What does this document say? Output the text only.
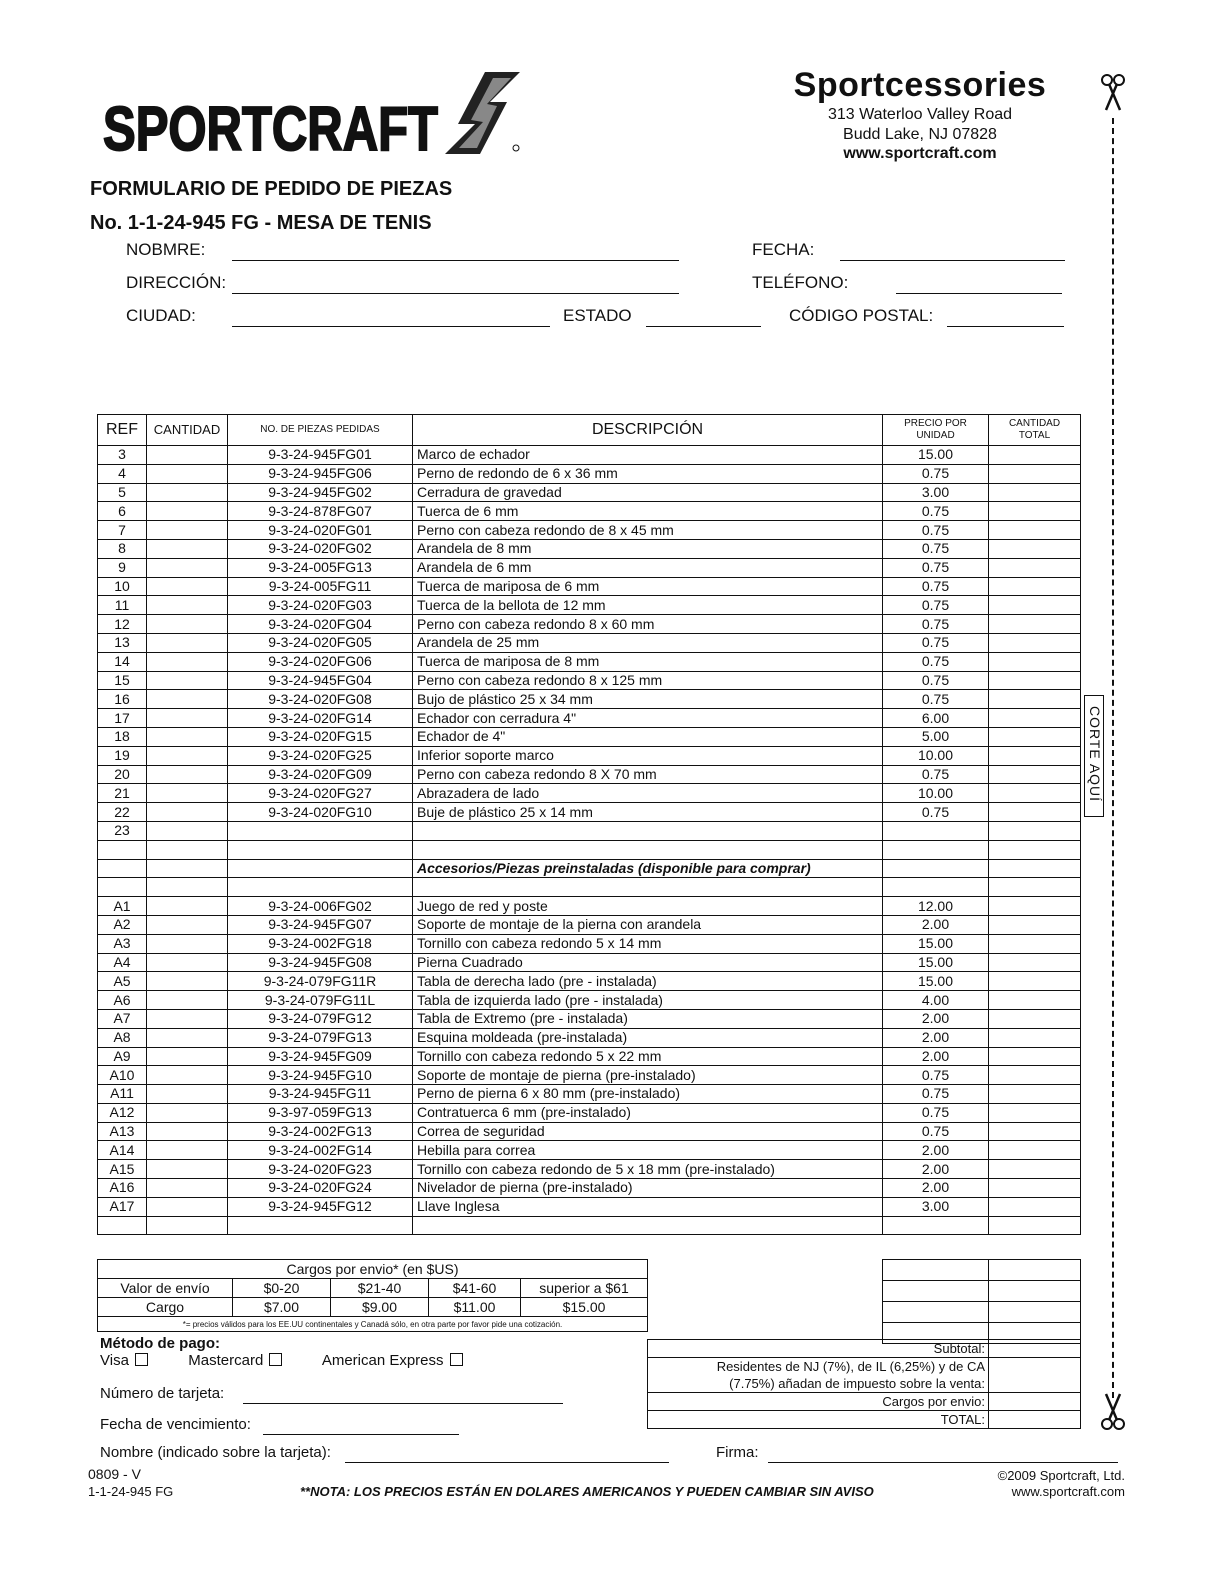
SPORTCRAFT
Sportcessories
313 Waterloo Valley Road
Budd Lake, NJ 07828
www.sportcraft.com
CORTE AQUÍ
FORMULARIO DE PEDIDO DE PIEZAS
No. 1-1-24-945 FG - MESA DE TENIS
NOBMRE:	FECHA:
DIRECCIÓN:	TELÉFONO:
CIUDAD:	ESTADO	CÓDIGO POSTAL:
REF	CANTIDAD	NO. DE PIEZAS PEDIDAS	DESCRIPCIÓN	PRECIO POR UNIDAD	CANTIDAD TOTAL
3		9-3-24-945FG01	Marco de echador	15.00	
4		9-3-24-945FG06	Perno de redondo de 6 x 36 mm	0.75	
5		9-3-24-945FG02	Cerradura de gravedad	3.00	
6		9-3-24-878FG07	Tuerca de 6 mm	0.75	
7		9-3-24-020FG01	Perno con cabeza redondo de 8 x 45 mm	0.75	
8		9-3-24-020FG02	Arandela de 8 mm	0.75	
9		9-3-24-005FG13	Arandela de 6 mm	0.75	
10		9-3-24-005FG11	Tuerca de mariposa de 6 mm	0.75	
11		9-3-24-020FG03	Tuerca de la bellota de 12 mm	0.75	
12		9-3-24-020FG04	Perno con cabeza redondo 8 x 60 mm	0.75	
13		9-3-24-020FG05	Arandela de 25 mm	0.75	
14		9-3-24-020FG06	Tuerca de mariposa de 8 mm	0.75	
15		9-3-24-945FG04	Perno con cabeza redondo 8 x 125 mm	0.75	
16		9-3-24-020FG08	Bujo de plástico 25 x 34 mm	0.75	
17		9-3-24-020FG14	Echador con cerradura 4"	6.00	
18		9-3-24-020FG15	Echador de 4"	5.00	
19		9-3-24-020FG25	Inferior soporte marco	10.00	
20		9-3-24-020FG09	Perno con cabeza redondo 8 X 70 mm	0.75	
21		9-3-24-020FG27	Abrazadera de lado	10.00	
22		9-3-24-020FG10	Buje de plástico 25 x 14 mm	0.75	
23					

			Accesorios/Piezas preinstaladas (disponible para comprar)		

A1		9-3-24-006FG02	Juego de red y poste	12.00	
A2		9-3-24-945FG07	Soporte de montaje de la pierna con arandela	2.00	
A3		9-3-24-002FG18	Tornillo con cabeza redondo 5 x 14 mm	15.00	
A4		9-3-24-945FG08	Pierna Cuadrado	15.00	
A5		9-3-24-079FG11R	Tabla de derecha lado (pre - instalada)	15.00	
A6		9-3-24-079FG11L	Tabla de izquierda lado (pre - instalada)	4.00	
A7		9-3-24-079FG12	Tabla de Extremo (pre - instalada)	2.00	
A8		9-3-24-079FG13	Esquina moldeada (pre-instalada)	2.00	
A9		9-3-24-945FG09	Tornillo con cabeza redondo 5 x 22 mm	2.00	
A10		9-3-24-945FG10	Soporte de montaje de pierna (pre-instalado)	0.75	
A11		9-3-24-945FG11	Perno de pierna 6 x 80 mm (pre-instalado)	0.75	
A12		9-3-97-059FG13	Contratuerca 6 mm (pre-instalado)	0.75	
A13		9-3-24-002FG13	Correa de seguridad	0.75	
A14		9-3-24-002FG14	Hebilla para correa	2.00	
A15		9-3-24-020FG23	Tornillo con cabeza redondo de 5 x 18 mm (pre-instalado)	2.00	
A16		9-3-24-020FG24	Nivelador de pierna (pre-instalado)	2.00	
A17		9-3-24-945FG12	Llave Inglesa	3.00	

Cargos por envio* (en $US)				
Valor de envío	$0-20	$21-40	$41-60	superior a $61
Cargo	$7.00	$9.00	$11.00	$15.00
*= precios válidos para los EE.UU continentales y Canadá sólo, en otra parte por favor pide una cotización.				

Subtotal:	

Residentes de NJ (7%), de IL (6,25%) y de CA
(7.75%) añadan de impuesto sobre la venta:	

Cargos por envio:	
TOTAL:	
Método de pago:
Visa	Mastercard	American Express
Número de tarjeta:
Fecha de vencimiento:
Nombre (indicado sobre la tarjeta):	Firma:
0809 - V
1-1-24-945 FG	**NOTA: LOS PRECIOS ESTÁN EN DOLARES AMERICANOS Y PUEDEN CAMBIAR SIN AVISO
©2009 Sportcraft, Ltd.
www.sportcraft.com
